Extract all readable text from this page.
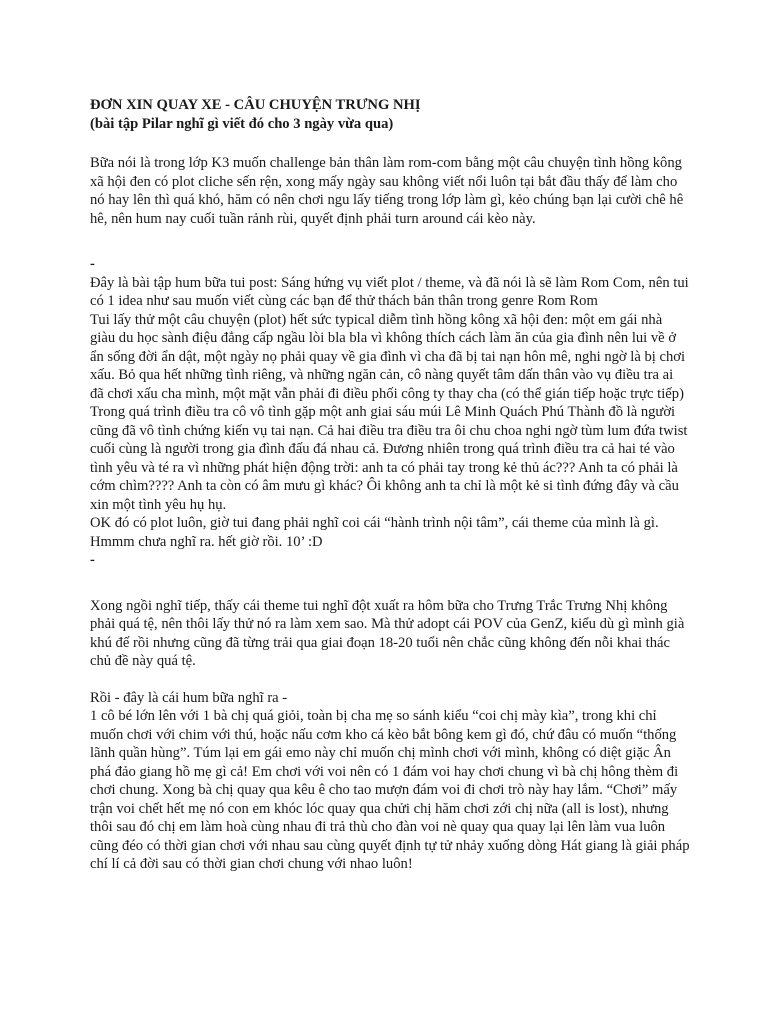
ĐƠN XIN QUAY XE - CÂU CHUYỆN TRƯNG NHỊ

(bài tập Pilar nghĩ gì viết đó cho 3 ngày vừa qua)

Bữa nói là trong lớp K3 muốn challenge bản thân làm rom-com bằng một câu chuyện tình hồng kông xã hội đen có plot cliche sến rện, xong mấy ngày sau không viết nổi luôn tại bắt đầu thấy để làm cho nó hay lên thì quá khó, hăm có nên chơi ngu lấy tiếng trong lớp làm gì, kẻo chúng bạn lại cười chê hê hê, nên hum nay cuối tuần rảnh rùi, quyết định phải turn around cái kèo này.

-

Đây là bài tập hum bữa tui post: Sáng hứng vụ viết plot / theme, và đã nói là sẽ làm Rom Com, nên tui có 1 idea như sau muốn viết cùng các bạn để thử thách bản thân trong genre Rom Rom

Tui lấy thử một câu chuyện (plot) hết sức typical diễm tình hồng kông xã hội đen: một em gái nhà giàu du học sành điệu đẳng cấp ngầu lòi bla bla vì không thích cách làm ăn của gia đình nên lui về ở ẩn sống đời ẩn dật, một ngày nọ phải quay về gia đình vì cha đã bị tai nạn hôn mê, nghi ngờ là bị chơi xấu. Bỏ qua hết những tình riêng, và những ngăn cản, cô nàng quyết tâm dấn thân vào vụ điều tra ai đã chơi xấu cha mình, một mặt vẫn phải đi điều phối công ty thay cha (có thể gián tiếp hoặc trực tiếp)

Trong quá trình điều tra cô vô tình gặp một anh giai sáu múi Lê Minh Quách Phú Thành đồ là người cũng đã vô tình chứng kiến vụ tai nạn. Cả hai điều tra điều tra ôi chu choa nghi ngờ tùm lum đứa twist cuối cùng là người trong gia đình đấu đá nhau cả. Đương nhiên trong quá trình điều tra cả hai té vào tình yêu và té ra vì những phát hiện động trời: anh ta có phải tay trong kẻ thủ ác??? Anh ta có phải là cớm chìm???? Anh ta còn có âm mưu gì khác? Ôi không anh ta chỉ là một kẻ si tình đứng đây và cầu xin một tình yêu hụ hụ.

OK đó có plot luôn, giờ tui đang phải nghĩ coi cái “hành trình nội tâm”, cái theme của mình là gì. Hmmm chưa nghĩ ra. hết giờ rồi. 10’ :D

-

Xong ngồi nghĩ tiếp, thấy cái theme tui nghĩ đột xuất ra hôm bữa cho Trưng Trắc Trưng Nhị không phải quá tệ, nên thôi lấy thử nó ra làm xem sao. Mà thử adopt cái POV của GenZ, kiểu dù gì mình già khú đế rồi nhưng cũng đã từng trải qua giai đoạn 18-20 tuổi nên chắc cũng không đến nỗi khai thác chủ đề này quá tệ.

Rồi - đây là cái hum bữa nghĩ ra -

1 cô bé lớn lên với 1 bà chị quá giỏi, toàn bị cha mẹ so sánh kiểu “coi chị mày kìa”, trong khi chỉ muốn chơi với chim với thú, hoặc nấu cơm kho cá kèo bắt bông kem gì đó, chứ đâu có muốn “thống lãnh quần hùng”. Túm lại em gái emo này chỉ muốn chị mình chơi với mình, không có diệt giặc Ân phá đảo giang hồ mẹ gì cả! Em chơi với voi nên có 1 đám voi hay chơi chung vì bà chị hông thèm đi chơi chung. Xong bà chị quay qua kêu ê cho tao mượn đám voi đi chơi trò này hay lắm. “Chơi” mấy trận voi chết hết mẹ nó con em khóc lóc quay qua chửi chị hăm chơi zới chị nữa (all is lost), nhưng thôi sau đó chị em làm hoà cùng nhau đi trả thù cho đàn voi nè quay qua quay lại lên làm vua luôn cũng đéo có thời gian chơi với nhau sau cùng quyết định tự tử nhảy xuống dòng Hát giang là giải pháp chí lí cả đời sau có thời gian chơi chung với nhao luôn!
